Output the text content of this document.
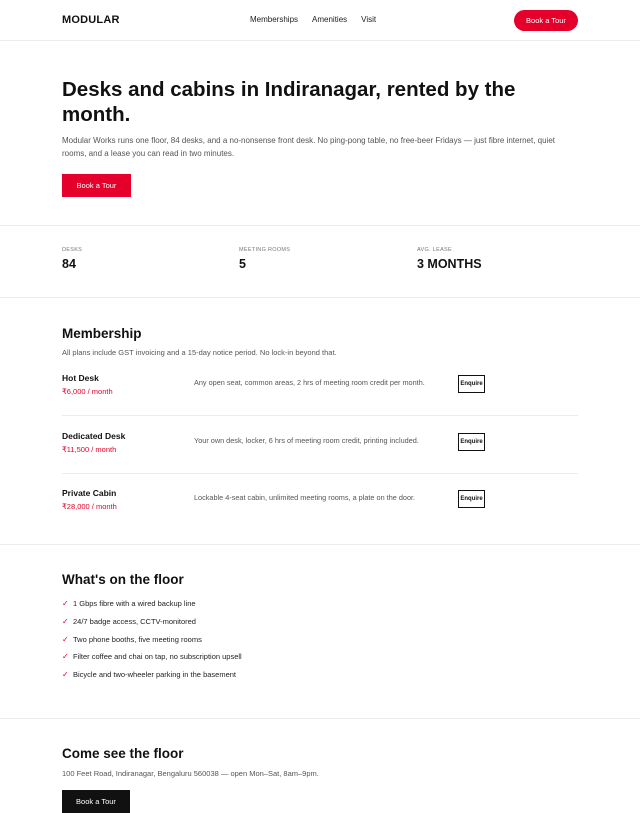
MODULAR	Memberships Amenities Visit	Book a Tour
Desks and cabins in Indiranagar, rented by the month.

Modular Works runs one floor, 84 desks, and a no-nonsense front desk. No ping-pong table, no free-beer Fridays — just fibre internet, quiet rooms, and a lease you can read in two minutes.

Book a Tour
DESKS
84
MEETING ROOMS
5
AVG. LEASE
3 MONTHS
Membership

All plans include GST invoicing and a 15-day notice period. No lock-in beyond that.

Hot Desk
₹6,000 / month
Any open seat, common areas, 2 hrs of meeting room credit per month.	Enquire
Dedicated Desk
₹11,500 / month
Your own desk, locker, 6 hrs of meeting room credit, printing included.	Enquire
Private Cabin
₹28,000 / month
Lockable 4-seat cabin, unlimited meeting rooms, a plate on the door.	Enquire
What's on the floor
✓ 1 Gbps fibre with a wired backup line
✓ 24/7 badge access, CCTV-monitored
✓ Two phone booths, five meeting rooms
✓ Filter coffee and chai on tap, no subscription upsell
✓ Bicycle and two-wheeler parking in the basement
Come see the floor

100 Feet Road, Indiranagar, Bengaluru 560038 — open Mon–Sat, 8am–9pm.

Book a Tour
